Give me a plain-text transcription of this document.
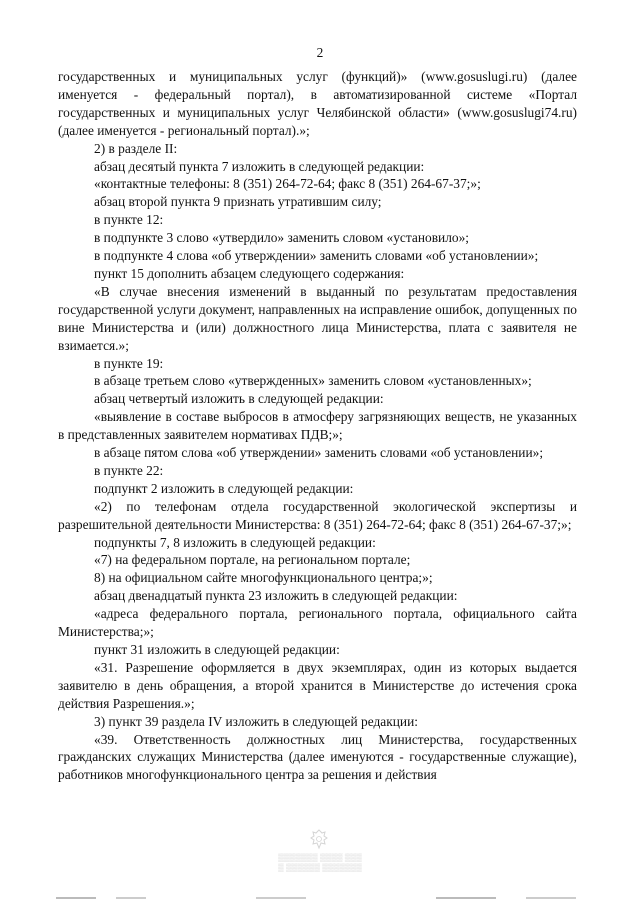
2

государственных и муниципальных услуг (функций)» (www.gosuslugi.ru) (далее именуется - федеральный портал), в автоматизированной системе «Портал государственных и муниципальных услуг Челябинской области» (www.gosuslugi74.ru) (далее именуется - региональный портал).»;

2) в разделе II:

абзац десятый пункта 7 изложить в следующей редакции:

«контактные телефоны: 8 (351) 264-72-64; факс 8 (351) 264-67-37;»;

абзац второй пункта 9 признать утратившим силу;

в пункте 12:

в подпункте 3 слово «утвердило» заменить словом «установило»;

в подпункте 4 слова «об утверждении» заменить словами «об установлении»;

пункт 15 дополнить абзацем следующего содержания:

«В случае внесения изменений в выданный по результатам предоставления государственной услуги документ, направленных на исправление ошибок, допущенных по вине Министерства и (или) должностного лица Министерства, плата с заявителя не взимается.»;

в пункте 19:

в абзаце третьем слово «утвержденных» заменить словом «установленных»;

абзац четвертый изложить в следующей редакции:

«выявление в составе выбросов в атмосферу загрязняющих веществ, не указанных в представленных заявителем нормативах ПДВ;»;

в абзаце пятом слова «об утверждении» заменить словами «об установлении»;

в пункте 22:

подпункт 2 изложить в следующей редакции:

«2) по телефонам отдела государственной экологической экспертизы и разрешительной деятельности Министерства: 8 (351) 264-72-64; факс 8 (351) 264-67-37;»;

подпункты 7, 8 изложить в следующей редакции:

«7) на федеральном портале, на региональном портале;

8) на официальном сайте многофункционального центра;»;

абзац двенадцатый пункта 23 изложить в следующей редакции:

«адреса федерального портала, регионального портала, официального сайта Министерства;»;

пункт 31 изложить в следующей редакции:

«31. Разрешение оформляется в двух экземплярах, один из которых выдается заявителю в день обращения, а второй хранится в Министерстве до истечения срока действия Разрешения.»;

3) пункт 39 раздела IV изложить в следующей редакции:

«39. Ответственность должностных лиц Министерства, государственных гражданских служащих Министерства (далее именуются - государственные служащие), работников многофункционального центра за решения и действия

▒▒▒▒▒▒▒ ▒▒▒▒ ▒▒▒
▒ ▒▒▒▒▒▒ ▒▒▒▒▒▒▒
